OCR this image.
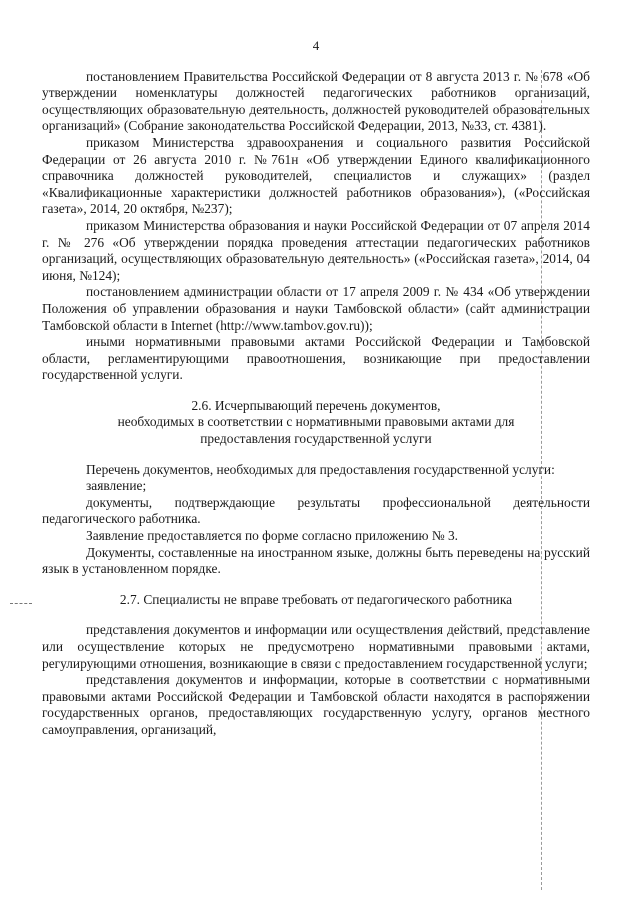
4

постановлением Правительства Российской Федерации от 8 августа 2013 г. № 678 «Об утверждении номенклатуры должностей педагогических работников организаций, осуществляющих образовательную деятельность, должностей руководителей образовательных организаций» (Собрание законодательства Российской Федерации, 2013, №33, ст. 4381).

приказом Министерства здравоохранения и социального развития Российской Федерации от 26 августа 2010 г. №761н «Об утверждении Единого квалификационного справочника должностей руководителей, специалистов и служащих» (раздел «Квалификационные характеристики должностей работников образования»), («Российская газета», 2014, 20 октября, №237);

приказом Министерства образования и науки Российской Федерации от 07 апреля 2014 г. № 276 «Об утверждении порядка проведения аттестации педагогических работников организаций, осуществляющих образовательную деятельность» («Российская газета», 2014, 04 июня, №124);

постановлением администрации области от 17 апреля 2009 г. № 434 «Об утверждении Положения об управлении образования и науки Тамбовской области» (сайт администрации Тамбовской области в Internet (http://www.tambov.gov.ru));

иными нормативными правовыми актами Российской Федерации и Тамбовской области, регламентирующими правоотношения, возникающие при предоставлении государственной услуги.

2.6. Исчерпывающий перечень документов,
необходимых в соответствии с нормативными правовыми актами для
предоставления государственной услуги

Перечень документов, необходимых для предоставления государственной услуги:

заявление;

документы, подтверждающие результаты профессиональной деятельности педагогического работника.

Заявление предоставляется по форме согласно приложению № 3.

Документы, составленные на иностранном языке, должны быть переведены на русский язык в установленном порядке.

2.7. Специалисты не вправе требовать от педагогического работника

представления документов и информации или осуществления действий, представление или осуществление которых не предусмотрено нормативными правовыми актами, регулирующими отношения, возникающие в связи с предоставлением государственной услуги;

представления документов и информации, которые в соответствии с нормативными правовыми актами Российской Федерации и Тамбовской области находятся в распоряжении государственных органов, предоставляющих государственную услугу, органов местного самоуправления, организаций,
